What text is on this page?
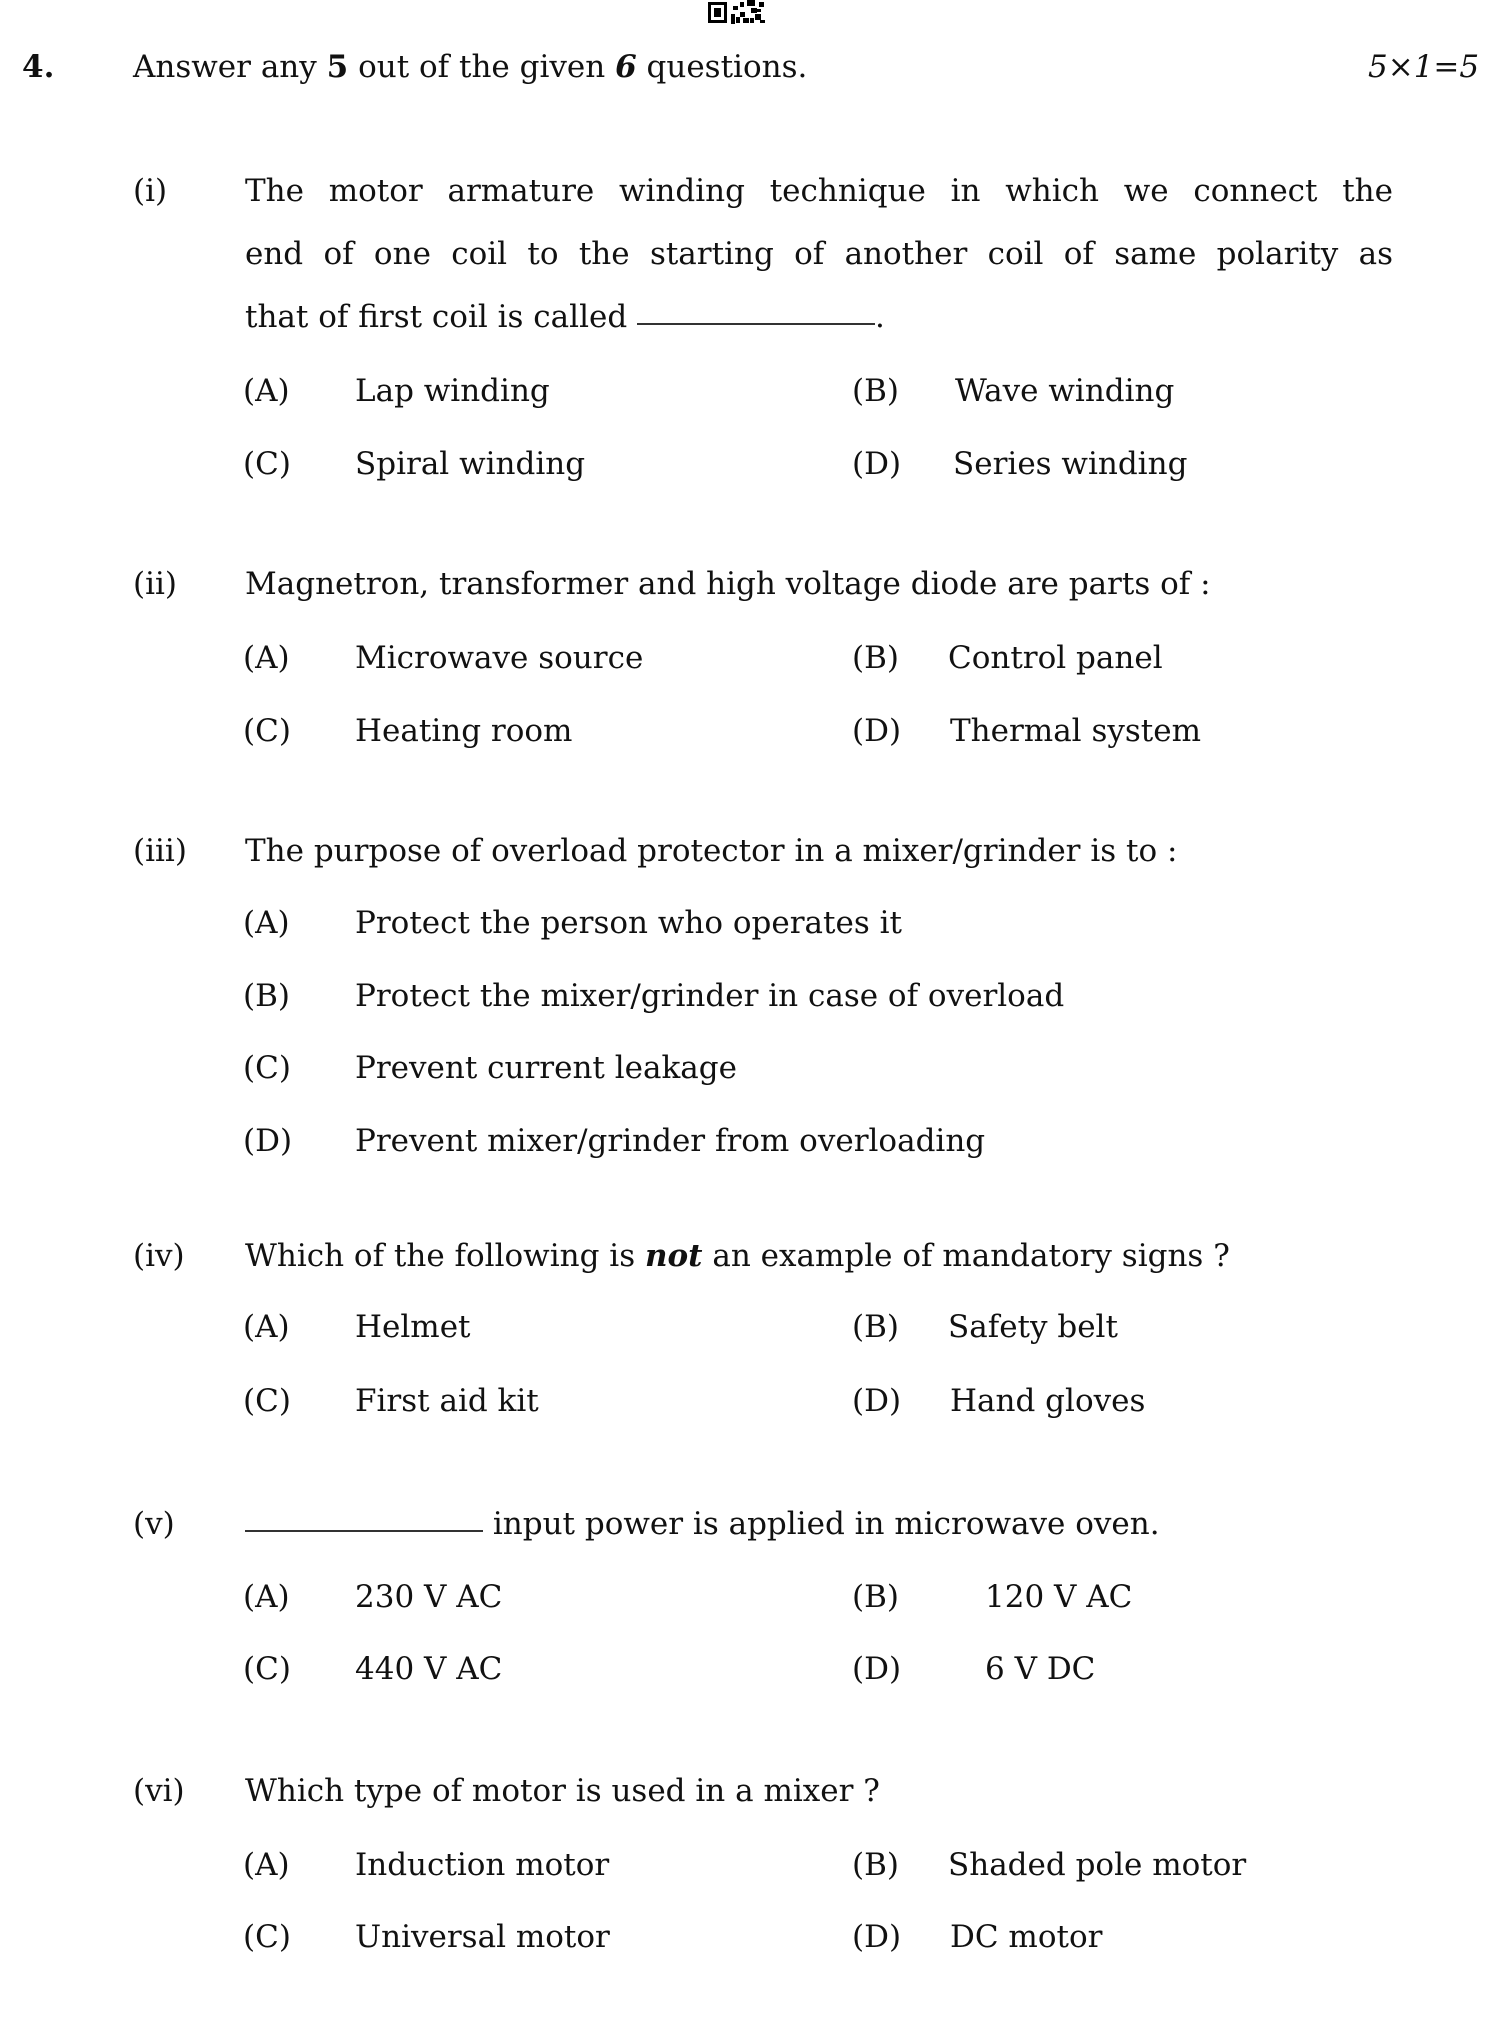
4.	Answer any 5 out of the given 6 questions.	5×1=5
(i)	The motor armature winding technique in which we connect the
end of one coil to the starting of another coil of same polarity as
that of first coil is called	.
(A) Lap winding	(B) Wave winding
(C) Spiral winding	(D) Series winding
(ii) Magnetron, transformer and high voltage diode are parts of :
(A) Microwave source	(B) Control panel
(C) Heating room	(D) Thermal system
(iii) The purpose of overload protector in a mixer/grinder is to :
(A) Protect the person who operates it
(B) Protect the mixer/grinder in case of overload
(C) Prevent current leakage
(D) Prevent mixer/grinder from overloading
(iv) Which of the following is not an example of mandatory signs ?
(A) Helmet	(B) Safety belt
(C) First aid kit	(D) Hand gloves
(v)	input power is applied in microwave oven.
(A) 230 V AC	(B)	120 V AC
(C) 440 V AC	(D)	6 V DC
(vi) Which type of motor is used in a mixer ?
(A) Induction motor	(B) Shaded pole motor
(C) Universal motor	(D) DC motor
